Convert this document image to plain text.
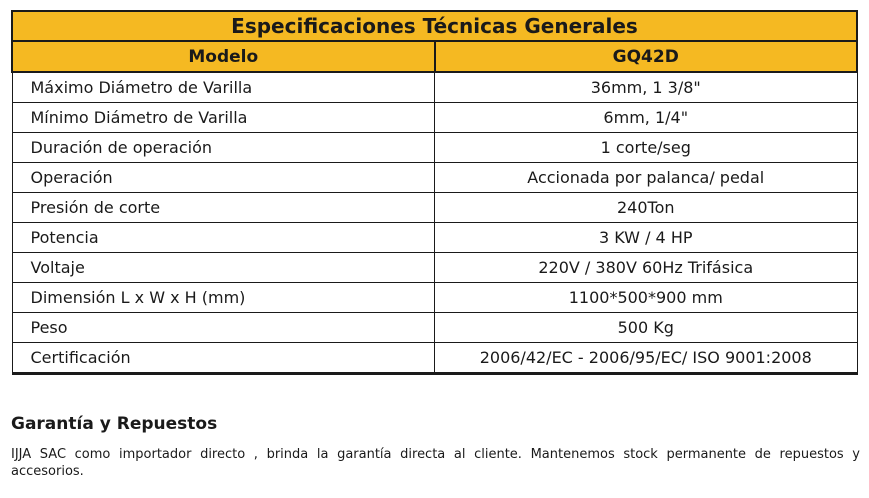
Especificaciones Técnicas Generales	
Modelo	GQ42D
Máximo Diámetro de Varilla	36mm, 1 3/8"
Mínimo Diámetro de Varilla	6mm, 1/4"
Duración de operación	1 corte/seg
Operación	Accionada por palanca/ pedal
Presión de corte	240Ton
Potencia	3 KW / 4 HP
Voltaje	220V / 380V 60Hz Trifásica
Dimensión L x W x H (mm)	1100*500*900 mm
Peso	500 Kg
Certificación	2006/42/EC - 2006/95/EC/ ISO 9001:2008
Garantía y Repuestos

IJJA SAC como importador directo , brinda la garantía directa al cliente. Mantenemos stock permanente de repuestos y accesorios.
